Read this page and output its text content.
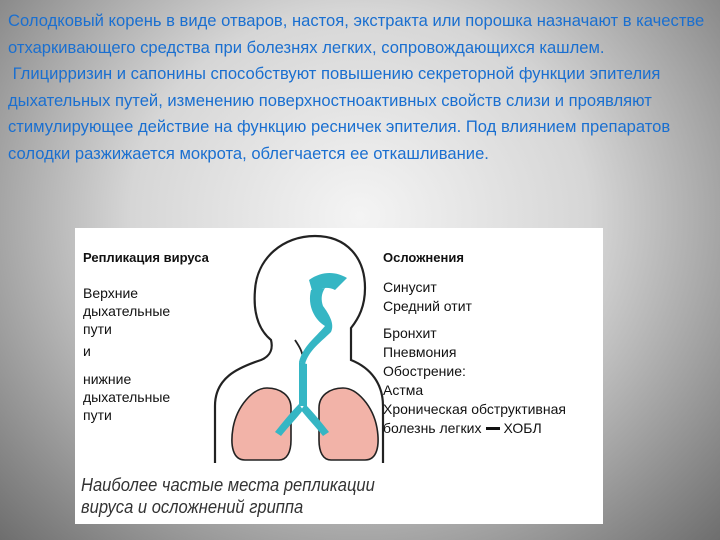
Солодковый корень в виде отваров, настоя, экстракта или порошка назначают в качестве отхаркивающего средства при болезнях легких, сопровождающихся кашлем.

Глицирризин и сапонины способствуют повышению секреторной функции эпителия дыхательных путей, изменению поверхностноактивных свойств слизи и проявляют стимулирующее действие на функцию ресничек эпителия. Под влиянием препаратов солодки разжижается мокрота, облегчается ее откашливание.

Репликация вируса	Осложнения
Верхние
дыхательные
пути
и
нижние
дыхательные
пути
Синусит
Средний отит
Бронхит
Пневмония
Обострение:
Астма
Хроническая обструктивная
болезнь легких ХОБЛ
Наиболее частые места репликации
вируса и осложнений гриппа
